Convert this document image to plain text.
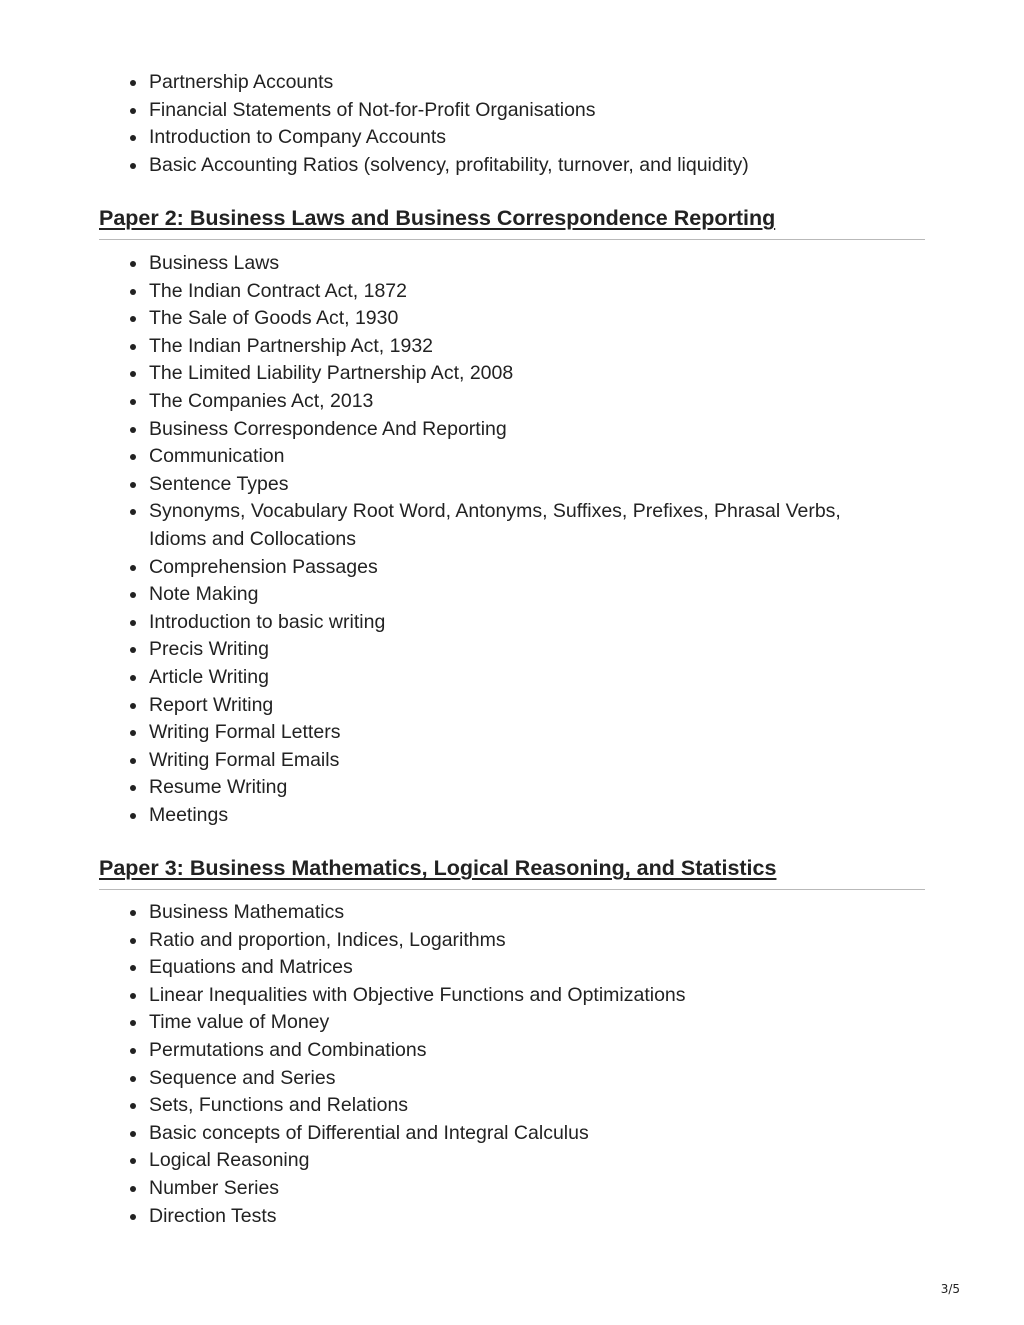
Partnership Accounts
Financial Statements of Not-for-Profit Organisations
Introduction to Company Accounts
Basic Accounting Ratios (solvency, profitability, turnover, and liquidity)
Paper 2: Business Laws and Business Correspondence Reporting
Business Laws
The Indian Contract Act, 1872
The Sale of Goods Act, 1930
The Indian Partnership Act, 1932
The Limited Liability Partnership Act, 2008
The Companies Act, 2013
Business Correspondence And Reporting
Communication
Sentence Types
Synonyms, Vocabulary Root Word, Antonyms, Suffixes, Prefixes, Phrasal Verbs, Idioms and Collocations
Comprehension Passages
Note Making
Introduction to basic writing
Precis Writing
Article Writing
Report Writing
Writing Formal Letters
Writing Formal Emails
Resume Writing
Meetings
Paper 3: Business Mathematics, Logical Reasoning, and Statistics
Business Mathematics
Ratio and proportion, Indices, Logarithms
Equations and Matrices
Linear Inequalities with Objective Functions and Optimizations
Time value of Money
Permutations and Combinations
Sequence and Series
Sets, Functions and Relations
Basic concepts of Differential and Integral Calculus
Logical Reasoning
Number Series
Direction Tests
3/5
